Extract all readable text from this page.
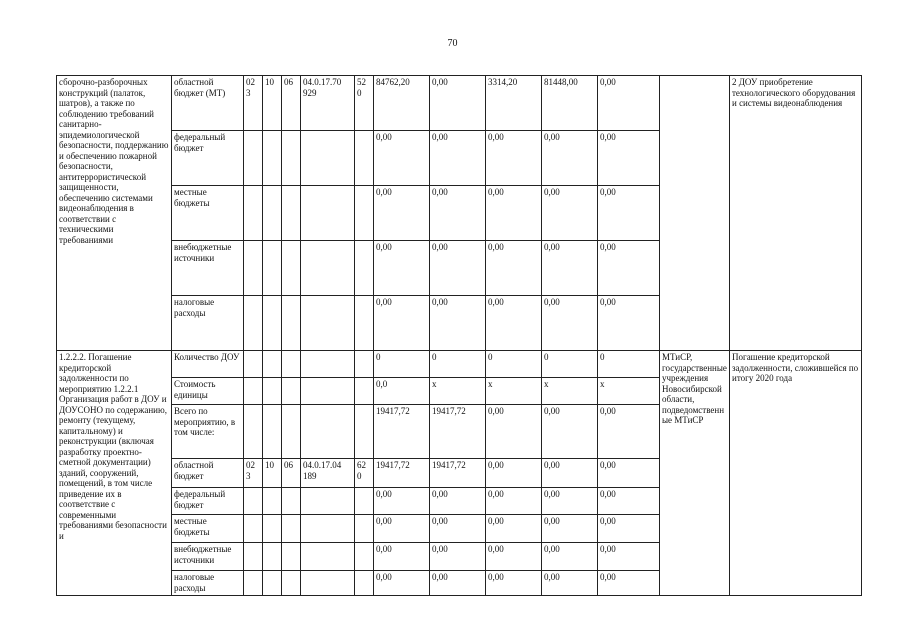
70
сборочно-разборочных конструкций (палаток, шатров), а также по соблюдению требований санитарно-эпидемиологической безопасности, поддержанию и обеспечению пожарной безопасности, антитеррористической защищенности, обеспечению системами видеонаблюдения в соответствии с техническими требованиями	областной бюджет (МТ)	02 3	10	06	04.0.17.70 929	52 0	84762,20	0,00	3314,20	81448,00	0,00		2 ДОУ приобретение технологического оборудования и системы видеонаблюдения
	федеральный бюджет						0,00	0,00	0,00	0,00	0,00		
	местные бюджеты						0,00	0,00	0,00	0,00	0,00		
	внебюджетные источники						0,00	0,00	0,00	0,00	0,00		
	налоговые расходы						0,00	0,00	0,00	0,00	0,00		
1.2.2.2. Погашение кредиторской задолженности по мероприятию 1.2.2.1 Организация работ в ДОУ и ДОУСОНО по содержанию, ремонту (текущему, капитальному) и реконструкции (включая разработку проектно-сметной документации) зданий, сооружений, помещений, в том числе приведение их в соответствие с современными требованиями безопасности и	Количество ДОУ						0	0	0	0	0	МТиСР, государственные учреждения Новосибирской области, подведомственные МТиСР	Погашение кредиторской задолженности, сложившейся по итогу 2020 года
	Стоимость единицы						0,0	x	x	x	x		
	Всего по мероприятию, в том числе:						19417,72	19417,72	0,00	0,00	0,00		
	областной бюджет	02 3	10	06	04.0.17.04 189	62 0	19417,72	19417,72	0,00	0,00	0,00		
	федеральный бюджет						0,00	0,00	0,00	0,00	0,00		
	местные бюджеты						0,00	0,00	0,00	0,00	0,00		
	внебюджетные источники						0,00	0,00	0,00	0,00	0,00		
	налоговые расходы						0,00	0,00	0,00	0,00	0,00		
